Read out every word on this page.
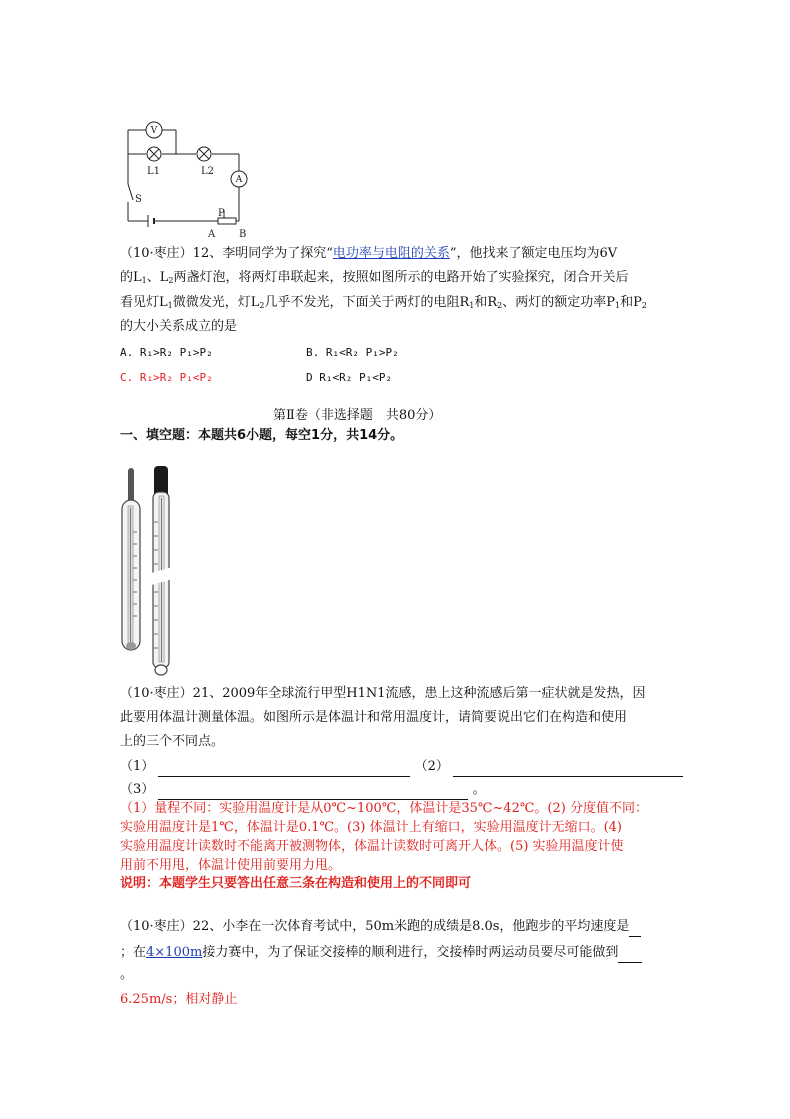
V
A
L1	L2
S
P
A B
（10·枣庄）12、李明同学为了探究“电功率与电阻的关系”，他找来了额定电压均为6V
的$L_1$、$L_2$两盏灯泡，将两灯串联起来，按照如图所示的电路开始了实验探究，闭合开关后
看见灯$L_1$微微发光，灯$L_2$几乎不发光，下面关于两灯的电阻$R_1$和$R_2$、两灯的额定功率$P_1$和$P_2$
的大小关系成立的是
A. R₁>R₂ P₁>P₂	B. R₁<R₂ P₁>P₂
C. R₁>R₂ P₁<P₂	D R₁<R₂ P₁<P₂
第Ⅱ卷（非选择题　共80分）
一、填空题：本题共6小题，每空1分，共14分。
（10·枣庄）21、2009年全球流行甲型H1N1流感，患上这种流感后第一症状就是发热，因
此要用体温计测量体温。如图所示是体温计和常用温度计，请简要说出它们在构造和使用
上的三个不同点。
（1）	（2）
（3）	。
（1）量程不同：实验用温度计是从0℃~100℃，体温计是35℃~42℃。(2) 分度值不同：
实验用温度计是1℃，体温计是0.1℃。(3) 体温计上有缩口，实验用温度计无缩口。(4)
实验用温度计读数时不能离开被测物体，体温计读数时可离开人体。(5) 实验用温度计使
用前不用甩，体温计使用前要用力甩。
说明：本题学生只要答出任意三条在构造和使用上的不同即可
（10·枣庄）22、小李在一次体育考试中，50m米跑的成绩是8.0s，他跑步的平均速度是
；在4×100m接力赛中，为了保证交接棒的顺利进行，交接棒时两运动员要尽可能做到
。
6.25m/s；相对静止
